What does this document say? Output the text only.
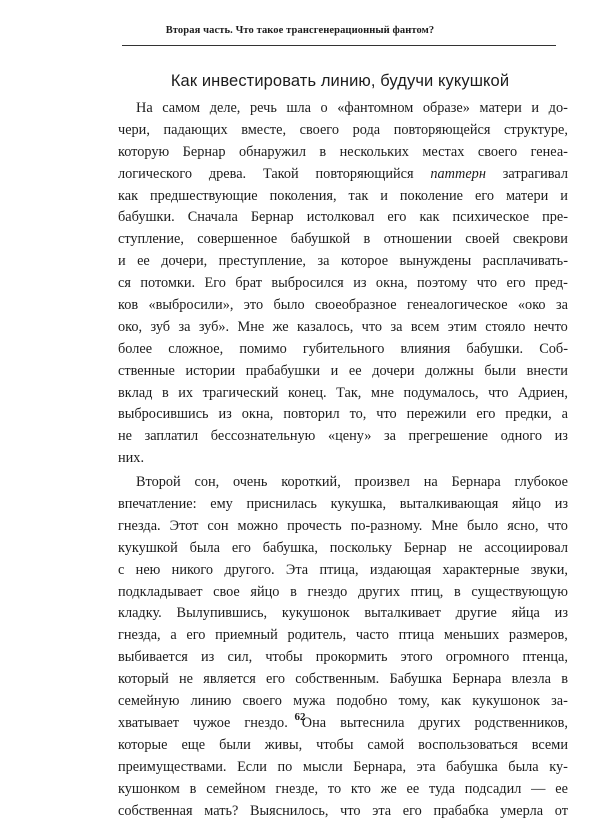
Вторая часть. Что такое трансгенерационный фантом?
Как инвестировать линию, будучи кукушкой
На самом деле, речь шла о «фантомном образе» матери и до-
чери, падающих вместе, своего рода повторяющейся структуре,
которую Бернар обнаружил в нескольких местах своего генеа-
логического древа. Такой повторяющийся паттерн затрагивал
как предшествующие поколения, так и поколение его матери и
бабушки. Сначала Бернар истолковал его как психическое пре-
ступление, совершенное бабушкой в отношении своей свекрови
и ее дочери, преступление, за которое вынуждены расплачивать-
ся потомки. Его брат выбросился из окна, поэтому что его пред-
ков «выбросили», это было своеобразное генеалогическое «око за
око, зуб за зуб». Мне же казалось, что за всем этим стояло нечто
более сложное, помимо губительного влияния бабушки. Соб-
ственные истории прабабушки и ее дочери должны были внести
вклад в их трагический конец. Так, мне подумалось, что Адриен,
выбросившись из окна, повторил то, что пережили его предки, а
не заплатил бессознательную «цену» за прегрешение одного из
них.
Второй сон, очень короткий, произвел на Бернара глубокое
впечатление: ему приснилась кукушка, выталкивающая яйцо из
гнезда. Этот сон можно прочесть по-разному. Мне было ясно, что
кукушкой была его бабушка, поскольку Бернар не ассоциировал
с нею никого другого. Эта птица, издающая характерные звуки,
подкладывает свое яйцо в гнездо других птиц, в существующую
кладку. Вылупившись, кукушонок выталкивает другие яйца из
гнезда, а его приемный родитель, часто птица меньших размеров,
выбивается из сил, чтобы прокормить этого огромного птенца,
который не является его собственным. Бабушка Бернара влезла в
семейную линию своего мужа подобно тому, как кукушонок за-
хватывает чужое гнездо. Она вытеснила других родственников,
которые еще были живы, чтобы самой воспользоваться всеми
преимуществами. Если по мысли Бернара, эта бабушка была ку-
кушонком в семейном гнезде, то кто же ее туда подсадил — ее
собственная мать? Выяснилось, что эта его прабабка умерла от
62
